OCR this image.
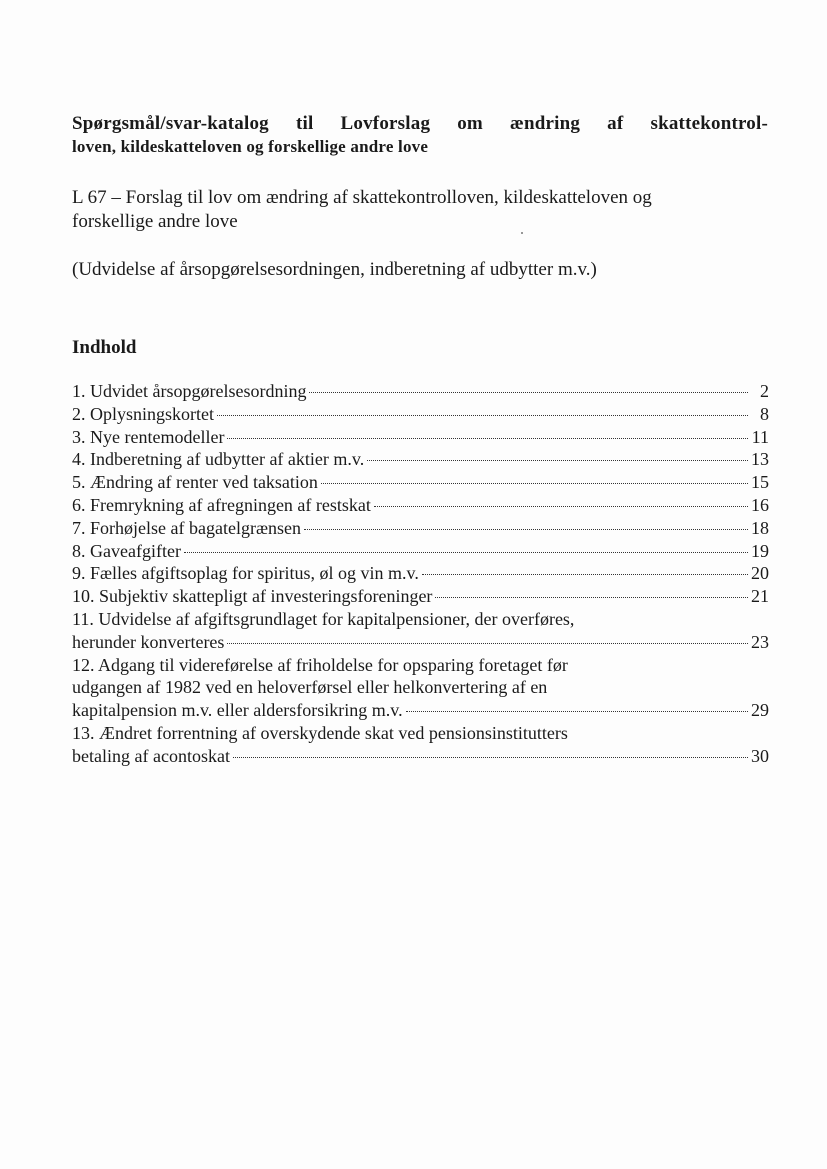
Spørgsmål/svar-katalog til Lovforslag om ændring af skattekontrol-
loven, kildeskatteloven og forskellige andre love
L 67 – Forslag til lov om ændring af skattekontrolloven, kildeskatteloven og
forskellige andre love
(Udvidelse af årsopgørelsesordningen, indberetning af udbytter m.v.)
Indhold
1. Udvidet årsopgørelsesordning	2
2. Oplysningskortet	8
3. Nye rentemodeller	11
4. Indberetning af udbytter af aktier m.v.	13
5. Ændring af renter ved taksation	15
6. Fremrykning af afregningen af restskat	16
7. Forhøjelse af bagatelgrænsen	18
8. Gaveafgifter	19
9. Fælles afgiftsoplag for spiritus, øl og vin m.v.	20
10. Subjektiv skattepligt af investeringsforeninger	21
11. Udvidelse af afgiftsgrundlaget for kapitalpensioner, der overføres,
herunder konverteres	23
12. Adgang til videreførelse af friholdelse for opsparing foretaget før
udgangen af 1982 ved en heloverførsel eller helkonvertering af en
kapitalpension m.v. eller aldersforsikring m.v.	29
13. Ændret forrentning af overskydende skat ved pensionsinstitutters
betaling af acontoskat	30
